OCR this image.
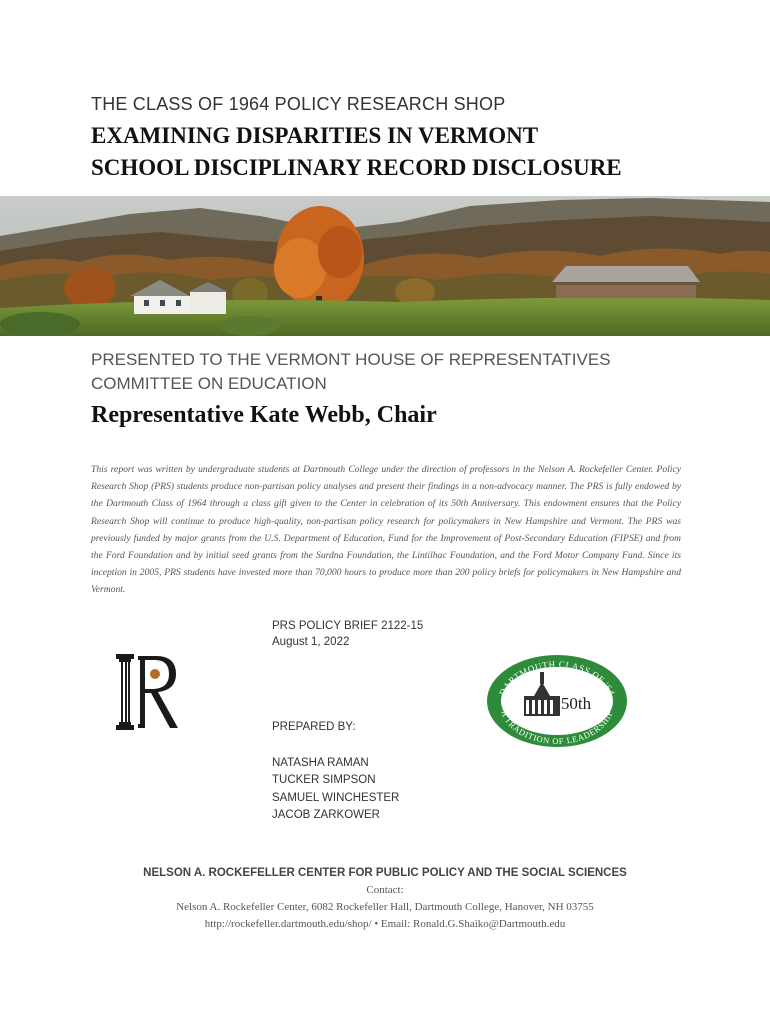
THE CLASS OF 1964 POLICY RESEARCH SHOP
EXAMINING DISPARITIES IN VERMONT
SCHOOL DISCIPLINARY RECORD DISCLOSURE
PRESENTED TO THE VERMONT HOUSE OF REPRESENTATIVES
COMMITTEE ON EDUCATION
Representative Kate Webb, Chair
This report was written by undergraduate students at Dartmouth College under the direction of professors in the Nelson A. Rockefeller Center. Policy Research Shop (PRS) students produce non-partisan policy analyses and present their findings in a non-advocacy manner. The PRS is fully endowed by the Dartmouth Class of 1964 through a class gift given to the Center in celebration of its 50th Anniversary. This endowment ensures that the Policy Research Shop will continue to produce high-quality, non-partisan policy research for policymakers in New Hampshire and Vermont. The PRS was previously funded by major grants from the U.S. Department of Education, Fund for the Improvement of Post-Secondary Education (FIPSE) and from the Ford Foundation and by initial seed grants from the Surdna Foundation, the Lintilhac Foundation, and the Ford Motor Company Fund. Since its inception in 2005, PRS students have invested more than 70,000 hours to produce more than 200 policy briefs for policymakers in New Hampshire and Vermont.
PRS POLICY BRIEF 2122-15
August 1, 2022
PREPARED BY:
NATASHA RAMAN
TUCKER SIMPSON
SAMUEL WINCHESTER
JACOB ZARKOWER
DARTMOUTH CLASS OF '64
A TRADITION OF LEADERSHIP
50th
NELSON A. ROCKEFELLER CENTER FOR PUBLIC POLICY AND THE SOCIAL SCIENCES
Contact:
Nelson A. Rockefeller Center, 6082 Rockefeller Hall, Dartmouth College, Hanover, NH 03755
http://rockefeller.dartmouth.edu/shop/ • Email: Ronald.G.Shaiko@Dartmouth.edu
